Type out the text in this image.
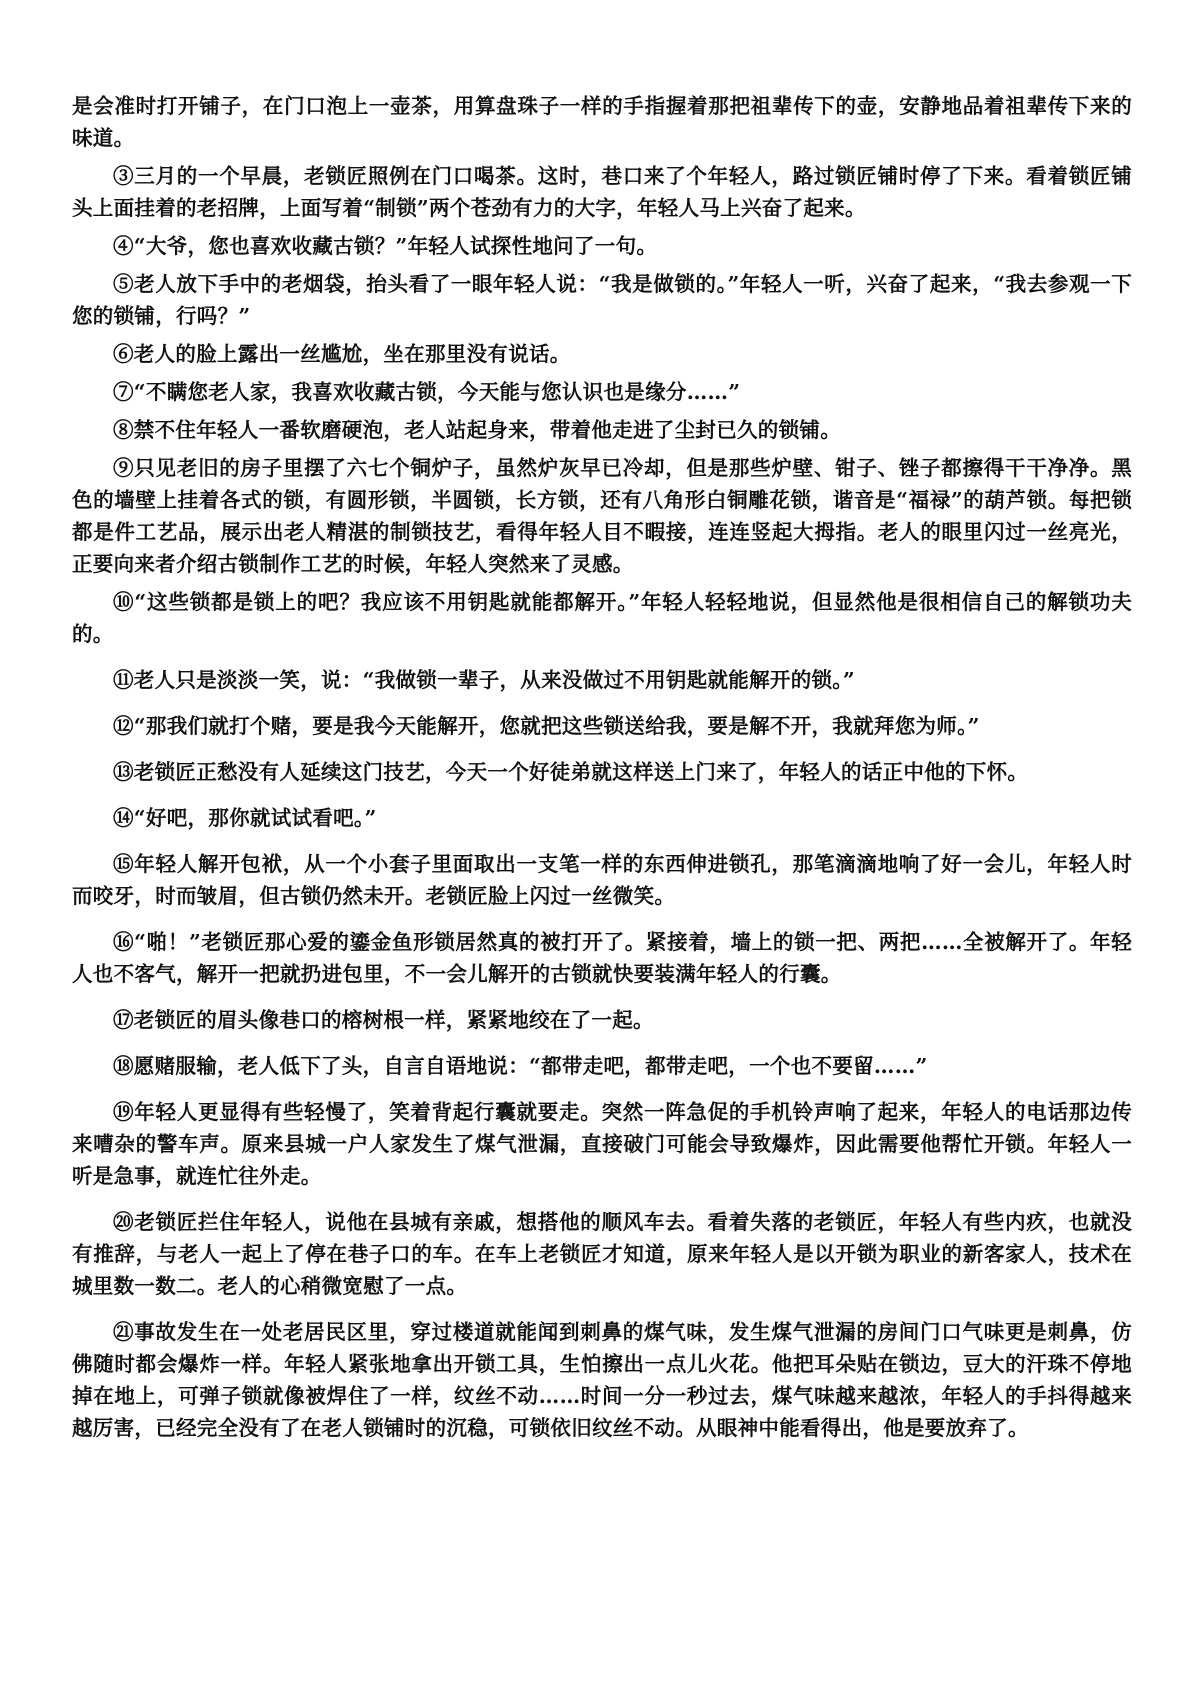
是会准时打开铺子，在门口泡上一壶茶，用算盘珠子一样的手指握着那把祖辈传下的壶，安静地品着祖辈传下来的味道。

③三月的一个早晨，老锁匠照例在门口喝茶。这时，巷口来了个年轻人，路过锁匠铺时停了下来。看着锁匠铺头上面挂着的老招牌，上面写着“制锁”两个苍劲有力的大字，年轻人马上兴奋了起来。

④“大爷，您也喜欢收藏古锁？”年轻人试探性地问了一句。

⑤老人放下手中的老烟袋，抬头看了一眼年轻人说：“我是做锁的。”年轻人一听，兴奋了起来，“我去参观一下您的锁铺，行吗？”

⑥老人的脸上露出一丝尴尬，坐在那里没有说话。

⑦“不瞒您老人家，我喜欢收藏古锁，今天能与您认识也是缘分……”

⑧禁不住年轻人一番软磨硬泡，老人站起身来，带着他走进了尘封已久的锁铺。

⑨只见老旧的房子里摆了六七个铜炉子，虽然炉灰早已冷却，但是那些炉壁、钳子、锉子都擦得干干净净。黑色的墙壁上挂着各式的锁，有圆形锁，半圆锁，长方锁，还有八角形白铜雕花锁，谐音是“福禄”的葫芦锁。每把锁都是件工艺品，展示出老人精湛的制锁技艺，看得年轻人目不暇接，连连竖起大拇指。老人的眼里闪过一丝亮光，正要向来者介绍古锁制作工艺的时候，年轻人突然来了灵感。

⑩“这些锁都是锁上的吧？我应该不用钥匙就能都解开。”年轻人轻轻地说，但显然他是很相信自己的解锁功夫的。

⑪老人只是淡淡一笑，说：“我做锁一辈子，从来没做过不用钥匙就能解开的锁。”

⑫“那我们就打个赌，要是我今天能解开，您就把这些锁送给我，要是解不开，我就拜您为师。”

⑬老锁匠正愁没有人延续这门技艺，今天一个好徒弟就这样送上门来了，年轻人的话正中他的下怀。

⑭“好吧，那你就试试看吧。”

⑮年轻人解开包袱，从一个小套子里面取出一支笔一样的东西伸进锁孔，那笔滴滴地响了好一会儿，年轻人时而咬牙，时而皱眉，但古锁仍然未开。老锁匠脸上闪过一丝微笑。

⑯“啪！”老锁匠那心爱的鎏金鱼形锁居然真的被打开了。紧接着，墙上的锁一把、两把……全被解开了。年轻人也不客气，解开一把就扔进包里，不一会儿解开的古锁就快要装满年轻人的行囊。

⑰老锁匠的眉头像巷口的榕树根一样，紧紧地绞在了一起。

⑱愿赌服输，老人低下了头，自言自语地说：“都带走吧，都带走吧，一个也不要留……”

⑲年轻人更显得有些轻慢了，笑着背起行囊就要走。突然一阵急促的手机铃声响了起来，年轻人的电话那边传来嘈杂的警车声。原来县城一户人家发生了煤气泄漏，直接破门可能会导致爆炸，因此需要他帮忙开锁。年轻人一听是急事，就连忙往外走。

⑳老锁匠拦住年轻人，说他在县城有亲戚，想搭他的顺风车去。看着失落的老锁匠，年轻人有些内疚，也就没有推辞，与老人一起上了停在巷子口的车。在车上老锁匠才知道，原来年轻人是以开锁为职业的新客家人，技术在城里数一数二。老人的心稍微宽慰了一点。

㉑事故发生在一处老居民区里，穿过楼道就能闻到刺鼻的煤气味，发生煤气泄漏的房间门口气味更是刺鼻，仿佛随时都会爆炸一样。年轻人紧张地拿出开锁工具，生怕擦出一点儿火花。他把耳朵贴在锁边，豆大的汗珠不停地掉在地上，可弹子锁就像被焊住了一样，纹丝不动……时间一分一秒过去，煤气味越来越浓，年轻人的手抖得越来越厉害，已经完全没有了在老人锁铺时的沉稳，可锁依旧纹丝不动。从眼神中能看得出，他是要放弃了。
